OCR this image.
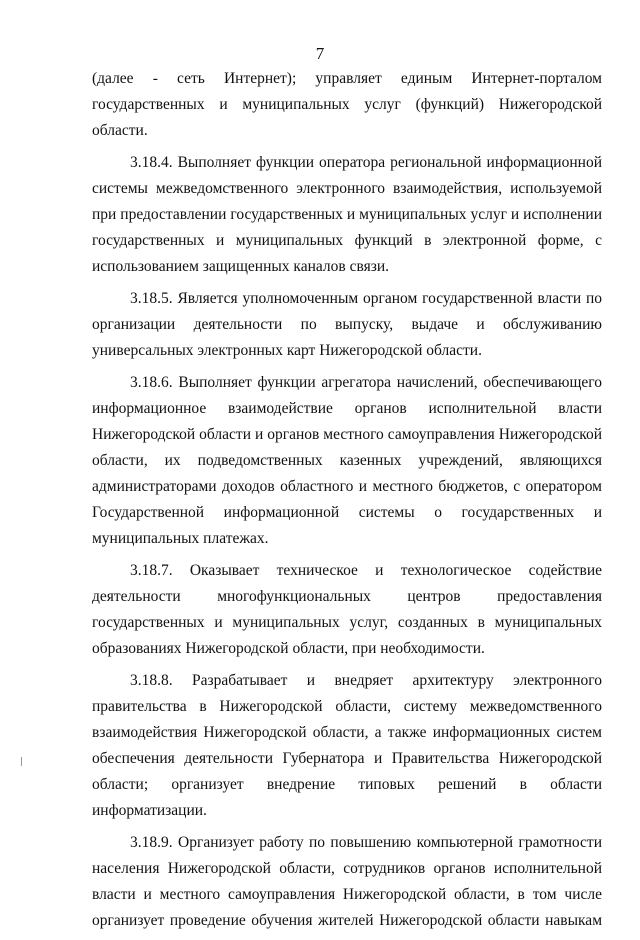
7

(далее - сеть Интернет); управляет единым Интернет-порталом государственных и муниципальных услуг (функций) Нижегородской области.

3.18.4. Выполняет функции оператора региональной информационной системы межведомственного электронного взаимодействия, используемой при предоставлении государственных и муниципальных услуг и исполнении государственных и муниципальных функций в электронной форме, с использованием защищенных каналов связи.

3.18.5. Является уполномоченным органом государственной власти по организации деятельности по выпуску, выдаче и обслуживанию универсальных электронных карт Нижегородской области.

3.18.6. Выполняет функции агрегатора начислений, обеспечивающего информационное взаимодействие органов исполнительной власти Нижегородской области и органов местного самоуправления Нижегородской области, их подведомственных казенных учреждений, являющихся администраторами доходов областного и местного бюджетов, с оператором Государственной информационной системы о государственных и муниципальных платежах.

3.18.7. Оказывает техническое и технологическое содействие деятельности многофункциональных центров предоставления государственных и муниципальных услуг, созданных в муниципальных образованиях Нижегородской области, при необходимости.

3.18.8. Разрабатывает и внедряет архитектуру электронного правительства в Нижегородской области, систему межведомственного взаимодействия Нижегородской области, а также информационных систем обеспечения деятельности Губернатора и Правительства Нижегородской области; организует внедрение типовых решений в области информатизации.

3.18.9. Организует работу по повышению компьютерной грамотности населения Нижегородской области, сотрудников органов исполнительной власти и местного самоуправления Нижегородской области, в том числе организует проведение обучения жителей Нижегородской области навыкам
